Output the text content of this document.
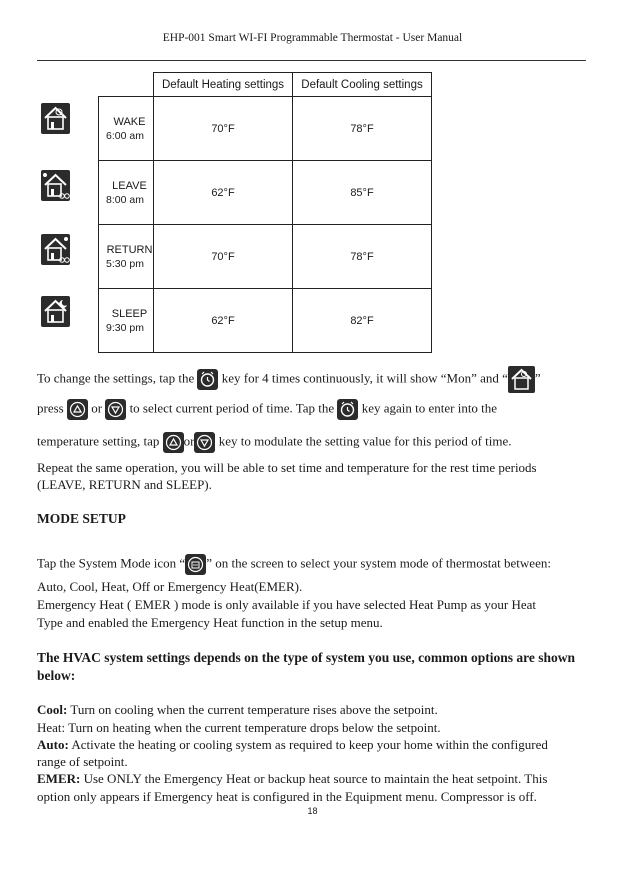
EHP-001 Smart WI-FI Programmable Thermostat - User Manual
	Default Heating settings	Default Cooling settings

WAKE
6:00 am	70°F	78°F

LEAVE
8:00 am	62°F	85°F

RETURN
5:30 pm	70°F	78°F

SLEEP
9:30 pm	62°F	82°F
To change the settings, tap the key for 4 times continuously, it will show “Mon” and “ ”
press or to select current period of time. Tap the key again to enter into the
temperature setting, tap or key to modulate the setting value for this period of time.
Repeat the same operation, you will be able to set time and temperature for the rest time periods
(LEAVE, RETURN and SLEEP).
MODE SETUP
Tap the System Mode icon “ ” on the screen to select your system mode of thermostat between:
Auto, Cool, Heat, Off or Emergency Heat(EMER).
Emergency Heat ( EMER ) mode is only available if you have selected Heat Pump as your Heat
Type and enabled the Emergency Heat function in the setup menu.
The HVAC system settings depends on the type of system you use, common options are shown
below:
Cool: Turn on cooling when the current temperature rises above the setpoint.
Heat: Turn on heating when the current temperature drops below the setpoint.
Auto: Activate the heating or cooling system as required to keep your home within the configured
range of setpoint.
EMER: Use ONLY the Emergency Heat or backup heat source to maintain the heat setpoint. This
option only appears if Emergency heat is configured in the Equipment menu. Compressor is off.
18
